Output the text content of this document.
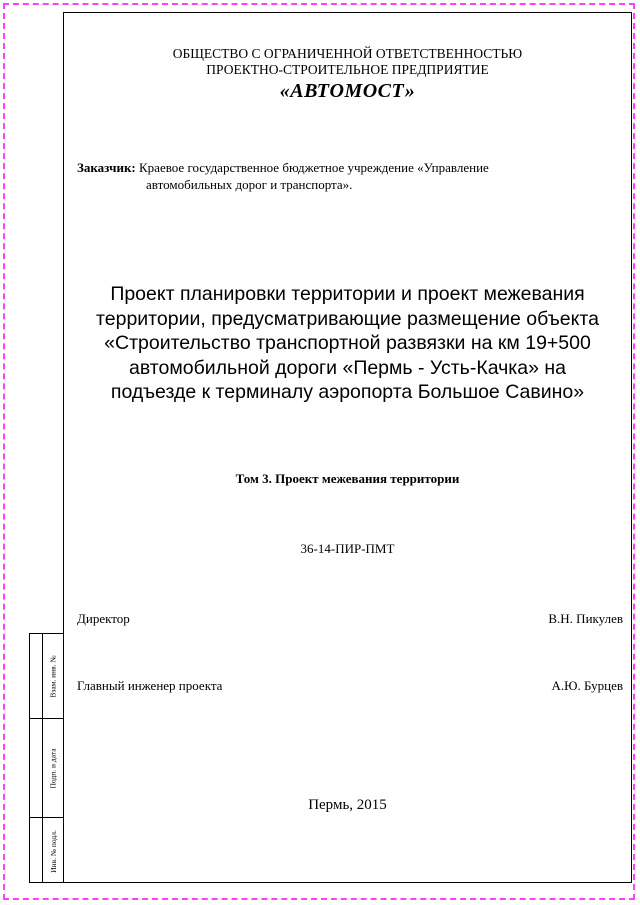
Взам. инв. №
Подп. и дата
Инв. № подл.
ОБЩЕСТВО С ОГРАНИЧЕННОЙ ОТВЕТСТВЕННОСТЬЮ
ПРОЕКТНО-СТРОИТЕЛЬНОЕ ПРЕДПРИЯТИЕ
«АВТОМОСТ»
Заказчик: Краевое государственное бюджетное учреждение «Управление
автомобильных дорог и транспорта».
Проект планировки территории и проект межевания
территории, предусматривающие размещение объекта
«Строительство транспортной развязки на км 19+500
автомобильной дороги «Пермь - Усть-Качка» на
подъезде к терминалу аэропорта Большое Савино»
Том 3. Проект межевания территории
36-14-ПИР-ПМТ
Директор	В.Н. Пикулев
Главный инженер проекта	А.Ю. Бурцев
Пермь, 2015
